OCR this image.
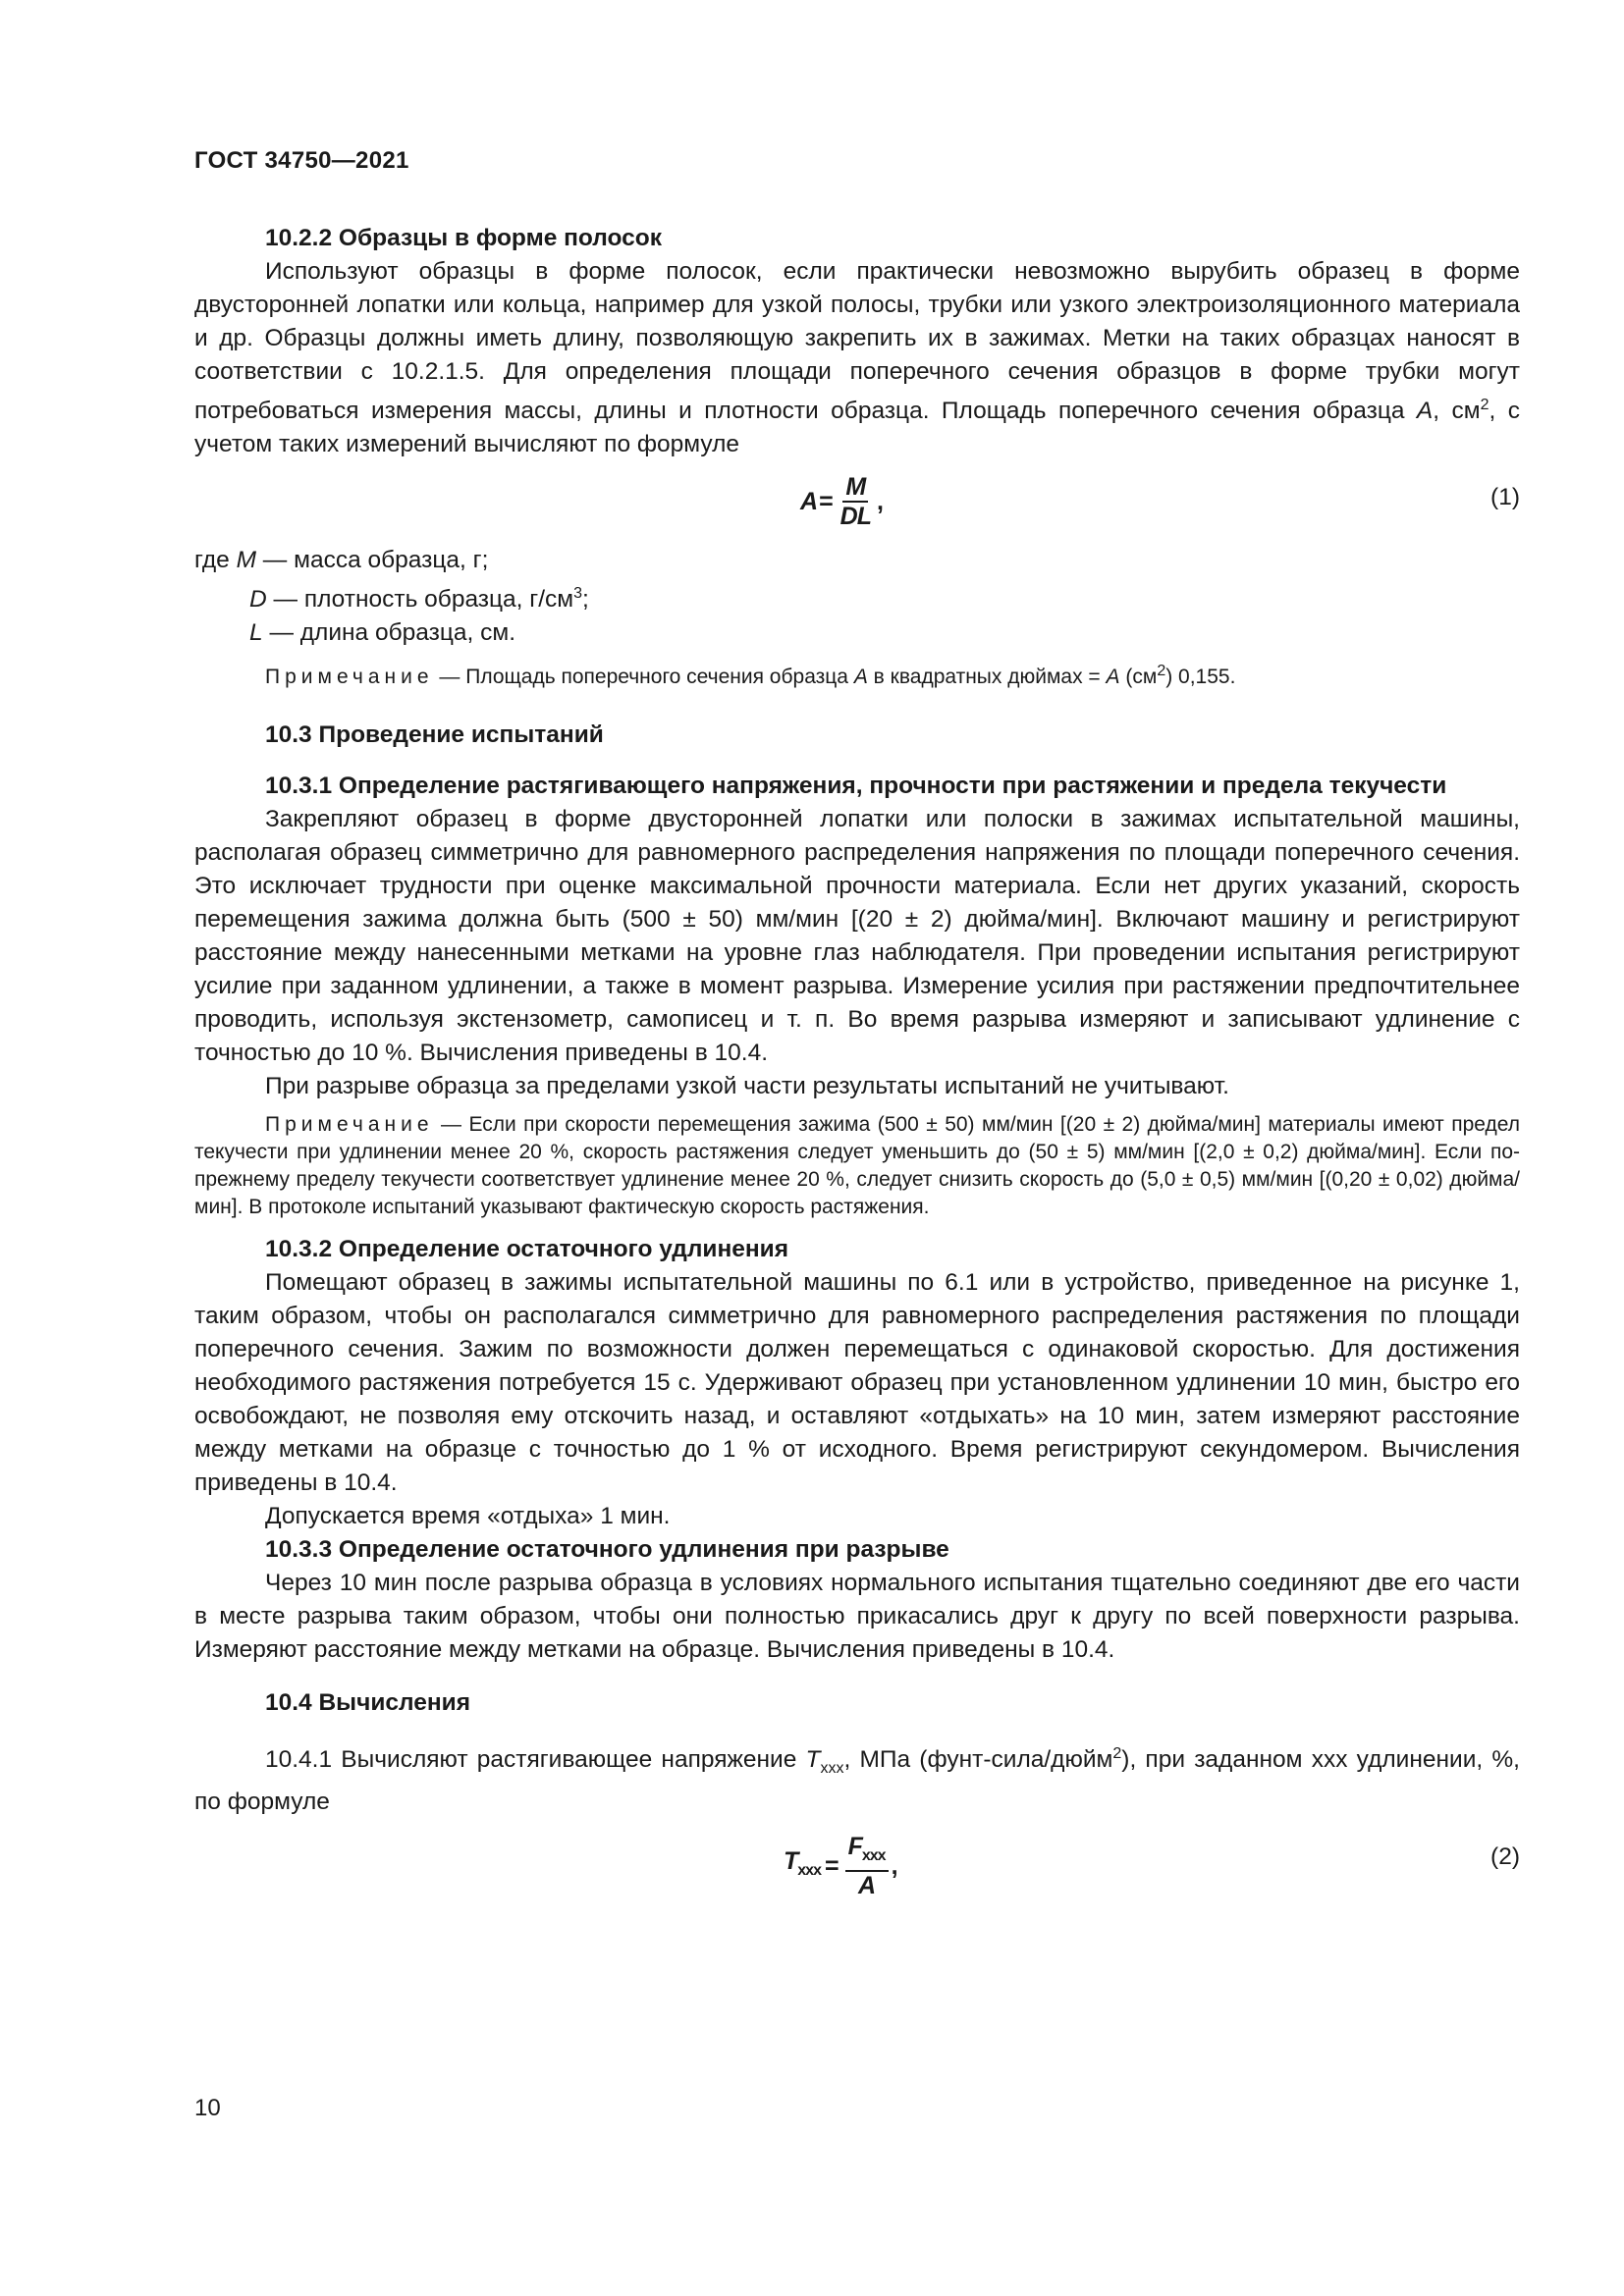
ГОСТ 34750—2021

10.2.2 Образцы в форме полосок

Используют образцы в форме полосок, если практически невозможно вырубить образец в форме двусторонней лопатки или кольца, например для узкой полосы, трубки или узкого электроизоляционного материала и др. Образцы должны иметь длину, позволяющую закрепить их в зажимах. Метки на таких образцах наносят в соответствии с 10.2.1.5. Для определения площади поперечного сечения образцов в форме трубки могут потребоваться измерения массы, длины и плотности образца. Площадь поперечного сечения образца A, $см^2$, с учетом таких измерений вычисляют по формуле

$A = \frac{M}{DL}$ ,	(1)

где M — масса образца, г;

D — плотность образца, $г/см^3$;

L — длина образца, см.

Примечание — Площадь поперечного сечения образца A в квадратных дюймах = A $(см^2)$ 0,155.

10.3 Проведение испытаний

10.3.1 Определение растягивающего напряжения, прочности при растяжении и предела текучести

Закрепляют образец в форме двусторонней лопатки или полоски в зажимах испытательной машины, располагая образец симметрично для равномерного распределения напряжения по площади поперечного сечения. Это исключает трудности при оценке максимальной прочности материала. Если нет других указаний, скорость перемещения зажима должна быть (500 ± 50) мм/мин [(20 ± 2) дюйма/мин]. Включают машину и регистрируют расстояние между нанесенными метками на уровне глаз наблюдателя. При проведении испытания регистрируют усилие при заданном удлинении, а также в момент разрыва. Измерение усилия при растяжении предпочтительнее проводить, используя экстензометр, самописец и т. п. Во время разрыва измеряют и записывают удлинение с точностью до 10 %. Вычисления приведены в 10.4.

При разрыве образца за пределами узкой части результаты испытаний не учитывают.

Примечание — Если при скорости перемещения зажима (500 ± 50) мм/мин [(20 ± 2) дюйма/мин] материалы имеют предел текучести при удлинении менее 20 %, скорость растяжения следует уменьшить до (50 ± 5) мм/мин [(2,0 ± 0,2) дюйма/мин]. Если по-прежнему пределу текучести соответствует удлинение менее 20 %, следует снизить скорость до (5,0 ± 0,5) мм/мин [(0,20 ± 0,02) дюйма/мин]. В протоколе испытаний указывают фактическую скорость растяжения.

10.3.2 Определение остаточного удлинения

Помещают образец в зажимы испытательной машины по 6.1 или в устройство, приведенное на рисунке 1, таким образом, чтобы он располагался симметрично для равномерного распределения растяжения по площади поперечного сечения. Зажим по возможности должен перемещаться с одинаковой скоростью. Для достижения необходимого растяжения потребуется 15 с. Удерживают образец при установленном удлинении 10 мин, быстро его освобождают, не позволяя ему отскочить назад, и оставляют «отдыхать» на 10 мин, затем измеряют расстояние между метками на образце с точностью до 1 % от исходного. Время регистрируют секундомером. Вычисления приведены в 10.4.

Допускается время «отдыха» 1 мин.

10.3.3 Определение остаточного удлинения при разрыве

Через 10 мин после разрыва образца в условиях нормального испытания тщательно соединяют две его части в месте разрыва таким образом, чтобы они полностью прикасались друг к другу по всей поверхности разрыва. Измеряют расстояние между метками на образце. Вычисления приведены в 10.4.

10.4 Вычисления

10.4.1 Вычисляют растягивающее напряжение $T_{xxx}$, МПа (фунт-сила/дюйм$^2$), при заданном xxx удлинении, %, по формуле

$T_{xxx} = \frac{F_{xxx}}{A}$ ,	(2)
10
